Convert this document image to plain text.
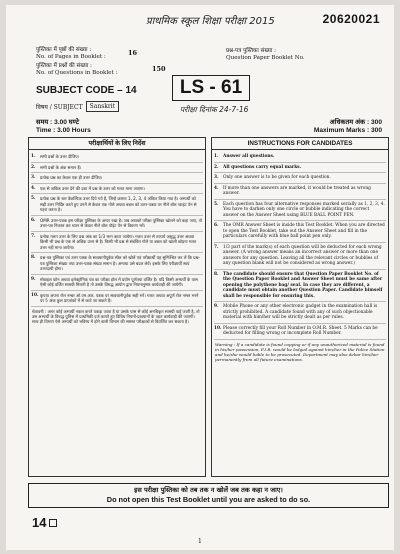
प्राथमिक स्कूल शिक्षा परीक्षा 2015	20620021
पुस्तिका में पृष्ठों की संख्या :
No. of Pages in Booklet :	16
पुस्तिका में प्रश्नों की संख्या :
No. of Questions in Booklet :	150
प्रश्न-पत्र पुस्तिका संख्या :
Question Paper Booklet No.
SUBJECT CODE – 14
विषय / SUBJECT	Sanskrit
LS - 61
परीक्षा दिनांक 24-7-16
समय : 3.00 घण्टे
Time : 3.00 Hours
अधिकतम अंक : 300
Maximum Marks : 300
परीक्षार्थियों के लिए निर्देश
1.	सभी प्रश्नों के उत्तर दीजिए।
2.	सभी प्रश्नों के अंक समान हैं।
3.	प्रत्येक प्रश्न का केवल एक ही उत्तर दीजिए।
4.	एक से अधिक उत्तर देने की दशा में प्रश्न के उत्तर को गलत माना जाएगा।
5.	प्रत्येक प्रश्न के चार वैकल्पिक उत्तर दिये गये हैं, जिन्हें क्रमशः 1, 2, 3, 4 अंकित किया गया है। अभ्यर्थी को सही उत्तर निर्दिष्ट करते हुए उनमें से केवल एक गोले अथवा बबल को उत्तर-पत्रक पर नीले बॉल प्वाइंट पेन से गहरा करना है।
6.	OMR उत्तर-पत्रक इस परीक्षा पुस्तिका के अन्दर रखा है। जब आपको परीक्षा पुस्तिका खोलने को कहा जाए, तो उत्तर-पत्र निकाल कर ध्यान से केवल नीले बॉल पॉइंट पेन से विवरण भरें।
7.	प्रत्येक गलत उत्तर के लिए प्रश्न अंक का 1/3 भाग काटा जायेगा। गलत उत्तर से तात्पर्य अशुद्ध उत्तर अथवा किसी भी प्रश्न के एक से अधिक उत्तर से है। किसी भी प्रश्न से संबंधित गोले या बबल को खाली छोड़ना गलत उत्तर नहीं माना जायेगा।
8.	प्रश्न-पत्र पुस्तिका एवं उत्तर पत्रक के सावधानीपूर्वक सील को खोलें एवं परीक्षार्थी यह सुनिश्चित कर लें कि प्रश्न-पत्र पुस्तिका संख्या तथा उत्तर-पत्रक संख्या समान है। अन्यथा उसे बदल लेवें। इसके लिए परीक्षार्थी स्वयं उत्तरदायी होगा।
9.	मोबाइल फोन अथवा इलेक्ट्रॉनिक यंत्र का परीक्षा हॉल में प्रयोग पूर्णतया वर्जित है। यदि किसी अभ्यर्थी के पास ऐसी कोई वर्जित सामग्री मिलती है तो उसके विरुद्ध आयोग द्वारा नियमानुसार कार्यवाही की जायेगी।
10. कृपया अपना रोल नम्बर ओ.एम.आर. पत्रक पर सावधानीपूर्वक सही भरें। गलत अथवा अपूर्ण रोल नम्बर भरने पर 5 अंक कुल प्राप्तांकों में से काटे जा सकते हैं।
चेतावनी : अगर कोई अभ्यर्थी नकल करते पकड़ा जाता है या उसके पास से कोई अनधिकृत सामग्री पाई जाती है, तो उस अभ्यर्थी के विरुद्ध पुलिस में प्राथमिकी दर्ज कराते हुए विविध नियमों-प्रावधानों के तहत कार्यवाही की जाएगी। साथ ही विभाग ऐसे अभ्यर्थी को भविष्य में होने वाली विभाग की समस्त परीक्षाओं से विवर्जित कर सकता है।
INSTRUCTIONS FOR CANDIDATES
1.	Answer all questions.
2.	All questions carry equal marks.
3.	Only one answer is to be given for each question.
4.	If more than one answers are marked, it would be treated as wrong answer.
5.	Each question has four alternative responses marked serially as 1, 2, 3, 4. You have to darken only one circle or bubble indicating the correct answer on the Answer Sheet using BLUE BALL POINT PEN.
6.	The OMR Answer Sheet is inside this Test Booklet. When you are directed to open the Test Booklet, take out the Answer Sheet and fill in the particulars carefully with blue ball point pen only.
7.	1/3 part of the mark(s) of each question will be deducted for each wrong answer. (A wrong answer means an incorrect answer or more than one answers for any question. Leaving all the relevant circles or bubbles of any question blank will not be considered as wrong answer.)
8.	The candidate should ensure that Question Paper Booklet No. of the Question Paper Booklet and Answer Sheet must be same after opening the polythene bag/ seal. In case they are different, a candidate must obtain another Question Paper. Candidate himself shall be responsible for ensuring this.
9.	Mobile Phone or any other electronic gadget in the examination hall is strictly prohibited. A candidate found with any of such objectionable material with him/her will be strictly dealt as per rules.
10. Please correctly fill your Roll Number in O.M.R. Sheet. 5 Marks can be deducted for filling wrong or incomplete Roll Number.
Warning : If a candidate is found copying or if any unauthorized material is found in his/her possession, F.I.R. would be lodged against him/her in the Police Station and he/she would liable to be prosecuted. Department may also debar him/her permanently from all future examinations.
इस परीक्षा पुस्तिका को तब तक न खोलें जब तक कहा न जाए।
Do not open this Test Booklet until you are asked to do so.
14
1
